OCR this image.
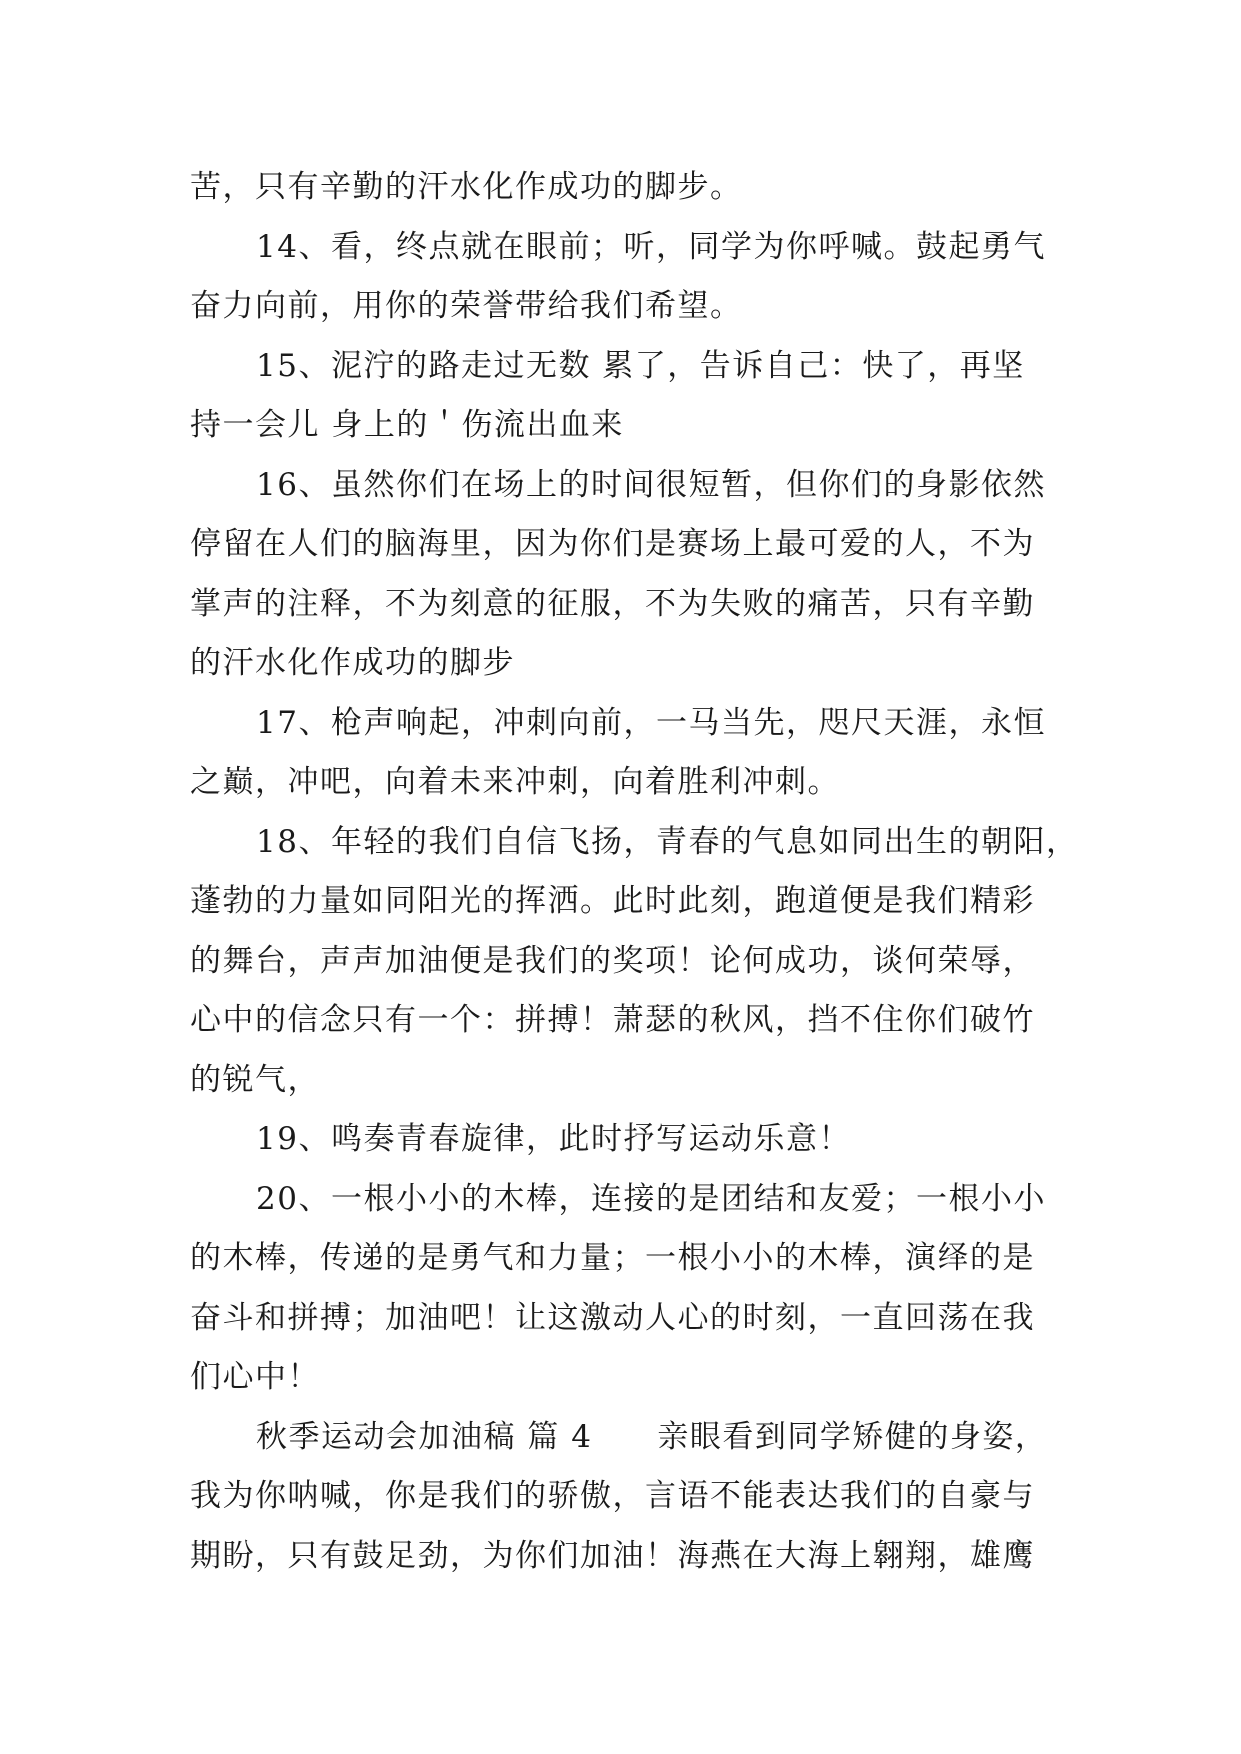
苦，只有辛勤的汗水化作成功的脚步。

14、看，终点就在眼前；听，同学为你呼喊。鼓起勇气
奋力向前，用你的荣誉带给我们希望。

15、泥泞的路走过无数 累了，告诉自己：快了，再坚
持一会儿 身上的＇伤流出血来

16、虽然你们在场上的时间很短暂，但你们的身影依然
停留在人们的脑海里，因为你们是赛场上最可爱的人，不为
掌声的注释，不为刻意的征服，不为失败的痛苦，只有辛勤
的汗水化作成功的脚步

17、枪声响起，冲刺向前，一马当先，咫尺天涯，永恒
之巅，冲吧，向着未来冲刺，向着胜利冲刺。

18、年轻的我们自信飞扬，青春的气息如同出生的朝阳，
蓬勃的力量如同阳光的挥洒。此时此刻，跑道便是我们精彩
的舞台，声声加油便是我们的奖项！论何成功，谈何荣辱，
心中的信念只有一个：拼搏！萧瑟的秋风，挡不住你们破竹
的锐气，

19、鸣奏青春旋律，此时抒写运动乐意！

20、一根小小的木棒，连接的是团结和友爱；一根小小
的木棒，传递的是勇气和力量；一根小小的木棒，演绎的是
奋斗和拼搏；加油吧！让这激动人心的时刻，一直回荡在我
们心中！

秋季运动会加油稿 篇 4　　亲眼看到同学矫健的身姿，
我为你呐喊，你是我们的骄傲，言语不能表达我们的自豪与
期盼，只有鼓足劲，为你们加油！海燕在大海上翱翔，雄鹰
